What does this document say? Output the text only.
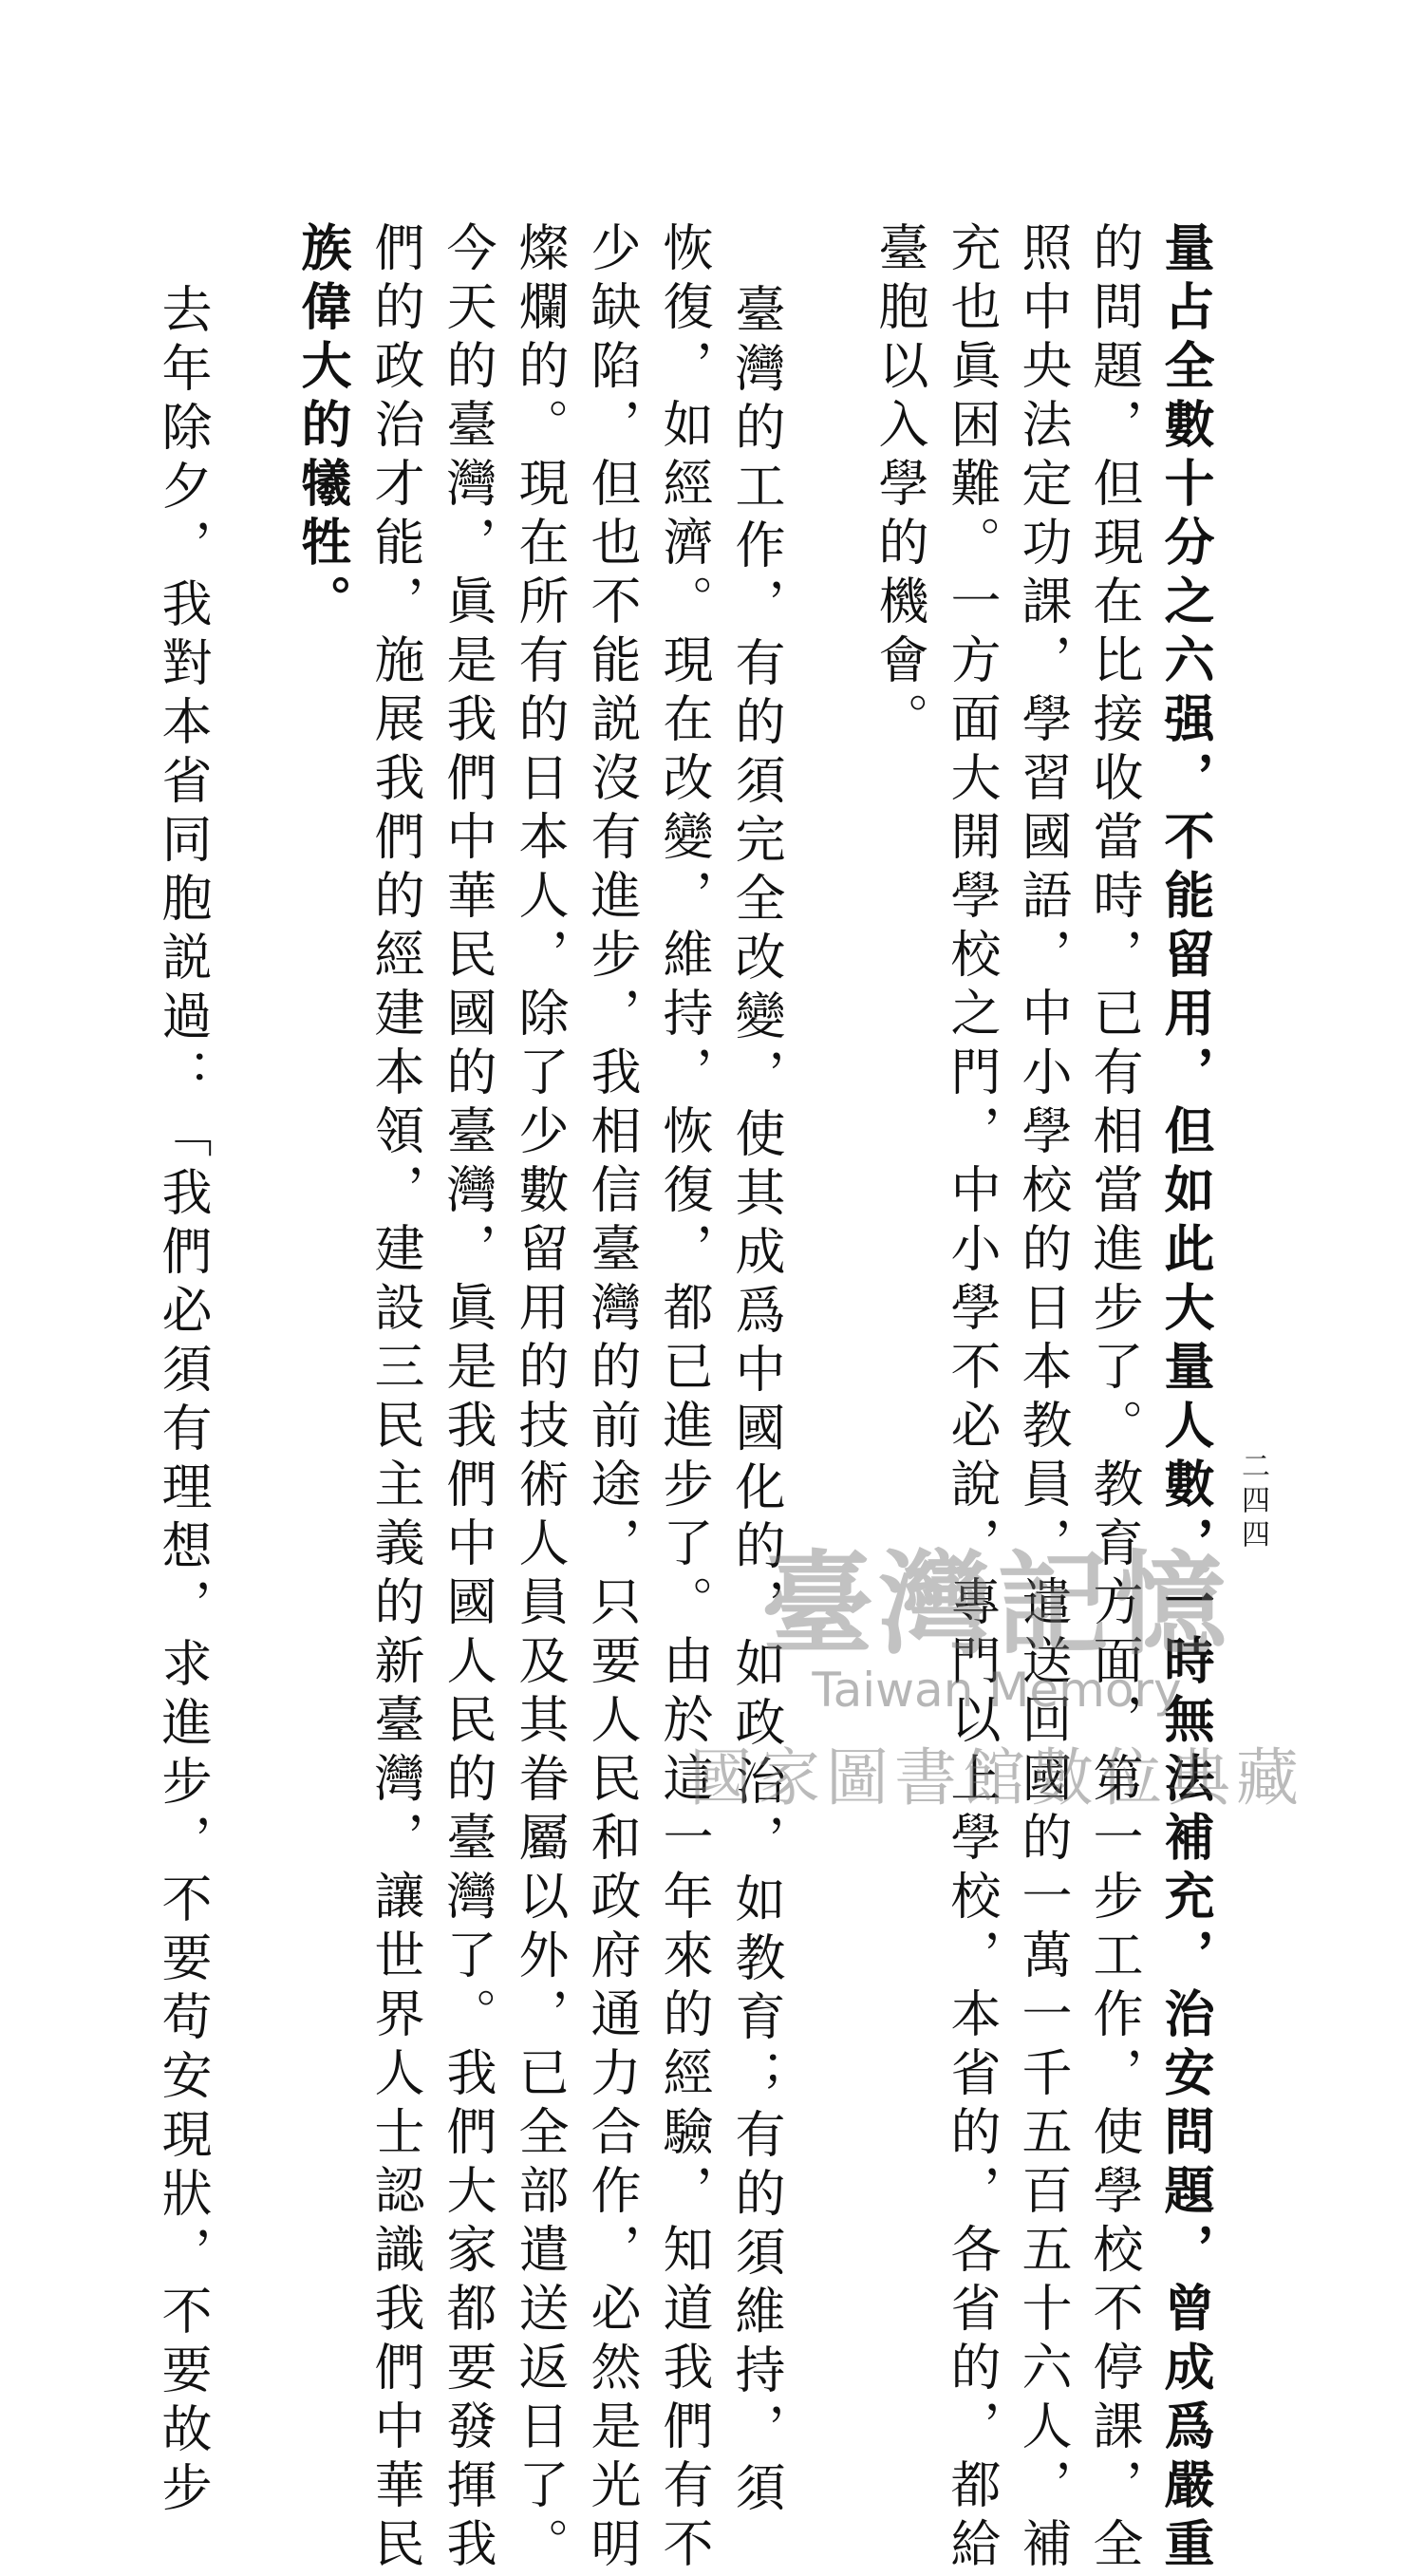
二四四
量占全數十分之六强，不能留用，但如此大量人數，一時無法補充，治安問題，曾成爲嚴重
的問題，但現在比接收當時，已有相當進步了。教育方面，第一步工作，使學校不停課，全
照中央法定功課，學習國語，中小學校的日本教員，遣送回國的一萬一千五百五十六人，補
充也眞困難。一方面大開學校之門，中小學不必說，專門以上學校，本省的，各省的，都給
臺胞以入學的機會。
臺灣的工作，有的須完全改變，使其成爲中國化的，如政治，如教育；有的須維持，須
恢復，如經濟。現在改變，維持，恢復，都已進步了。由於這一年來的經驗，知道我們有不
少缺陷，但也不能説沒有進步，我相信臺灣的前途，只要人民和政府通力合作，必然是光明
燦爛的。現在所有的日本人，除了少數留用的技術人員及其眷屬以外，已全部遣送返日了。
今天的臺灣，眞是我們中華民國的臺灣，眞是我們中國人民的臺灣了。我們大家都要發揮我
們的政治才能，施展我們的經建本領，建設三民主義的新臺灣，讓世界人士認識我們中華民
族偉大的犧牲。
去年除夕，我對本省同胞説過：「我們必須有理想，求進步，不要苟安現狀，不要故步	臺灣記憶
Taiwan Memory
國家圖書館數位典藏
